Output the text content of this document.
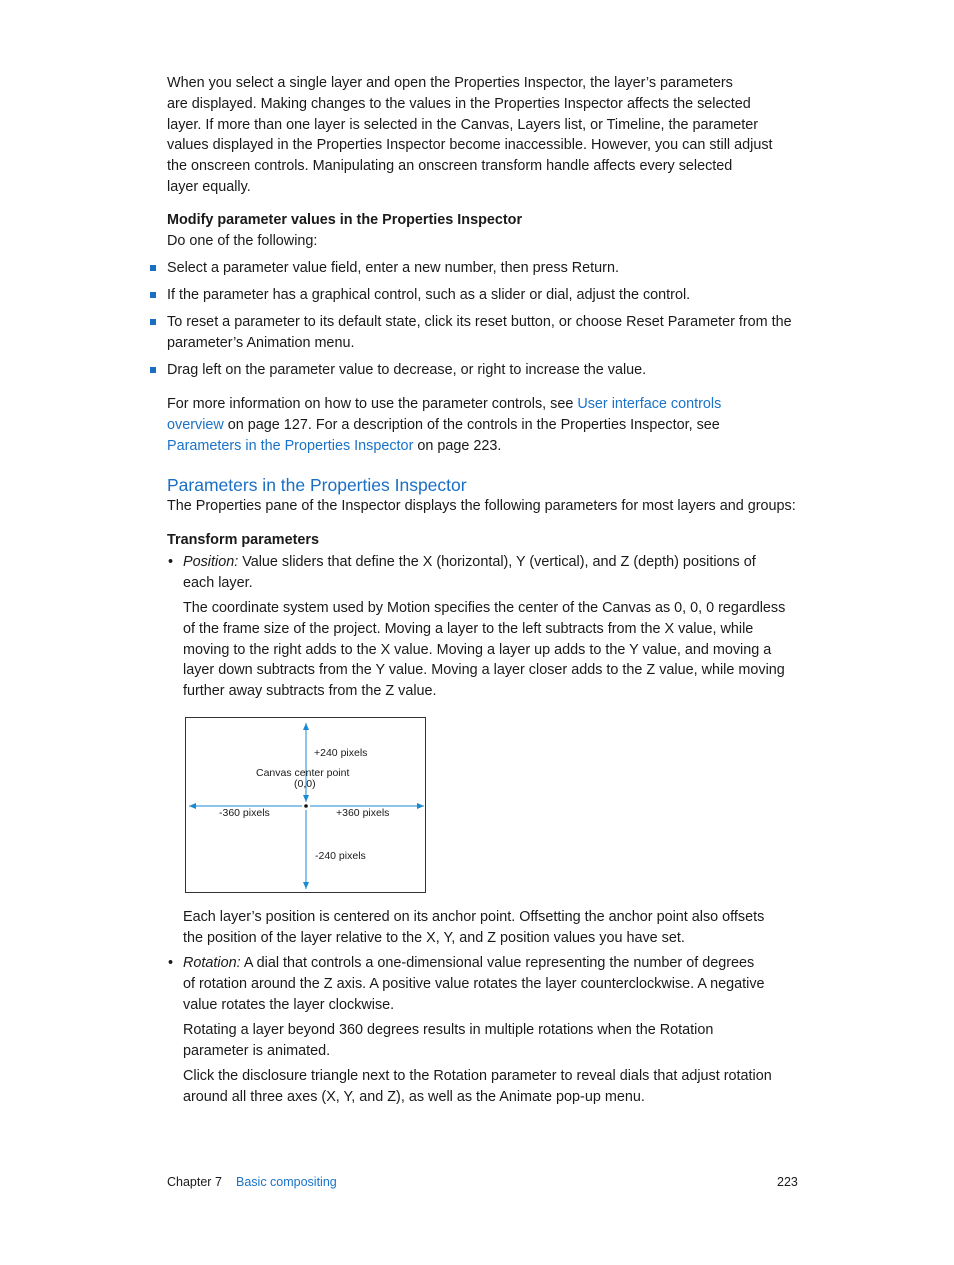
When you select a single layer and open the Properties Inspector, the layer’s parameters

are displayed. Making changes to the values in the Properties Inspector affects the selected

layer. If more than one layer is selected in the Canvas, Layers list, or Timeline, the parameter

values displayed in the Properties Inspector become inaccessible. However, you can still adjust

the onscreen controls. Manipulating an onscreen transform handle affects every selected

layer equally.

Modify parameter values in the Properties Inspector
Do one of the following:
Select a parameter value field, enter a new number, then press Return.
If the parameter has a graphical control, such as a slider or dial, adjust the control.

To reset a parameter to its default state, click its reset button, or choose Reset Parameter from the

parameter’s Animation menu.

Drag left on the parameter value to decrease, or right to increase the value.

For more information on how to use the parameter controls, see User interface controls

overview on page 127. For a description of the controls in the Properties Inspector, see

Parameters in the Properties Inspector on page 223.

Parameters in the Properties Inspector
The Properties pane of the Inspector displays the following parameters for most layers and groups:
Transform parameters
• Position: Value sliders that define the X (horizontal), Y (vertical), and Z (depth) positions of

each layer.

The coordinate system used by Motion specifies the center of the Canvas as 0, 0, 0 regardless

of the frame size of the project. Moving a layer to the left subtracts from the X value, while

moving to the right adds to the X value. Moving a layer up adds to the Y value, and moving a

layer down subtracts from the Y value. Moving a layer closer adds to the Z value, while moving

further away subtracts from the Z value.

+240 pixels
Canvas center point
(0,0)
-360 pixels	+360 pixels
-240 pixels

Each layer’s position is centered on its anchor point. Offsetting the anchor point also offsets

the position of the layer relative to the X, Y, and Z position values you have set.

• Rotation: A dial that controls a one-dimensional value representing the number of degrees

of rotation around the Z axis. A positive value rotates the layer counterclockwise. A negative

value rotates the layer clockwise.

Rotating a layer beyond 360 degrees results in multiple rotations when the Rotation

parameter is animated.

Click the disclosure triangle next to the Rotation parameter to reveal dials that adjust rotation

around all three axes (X, Y, and Z), as well as the Animate pop-up menu.

Chapter 7 Basic compositing	223
